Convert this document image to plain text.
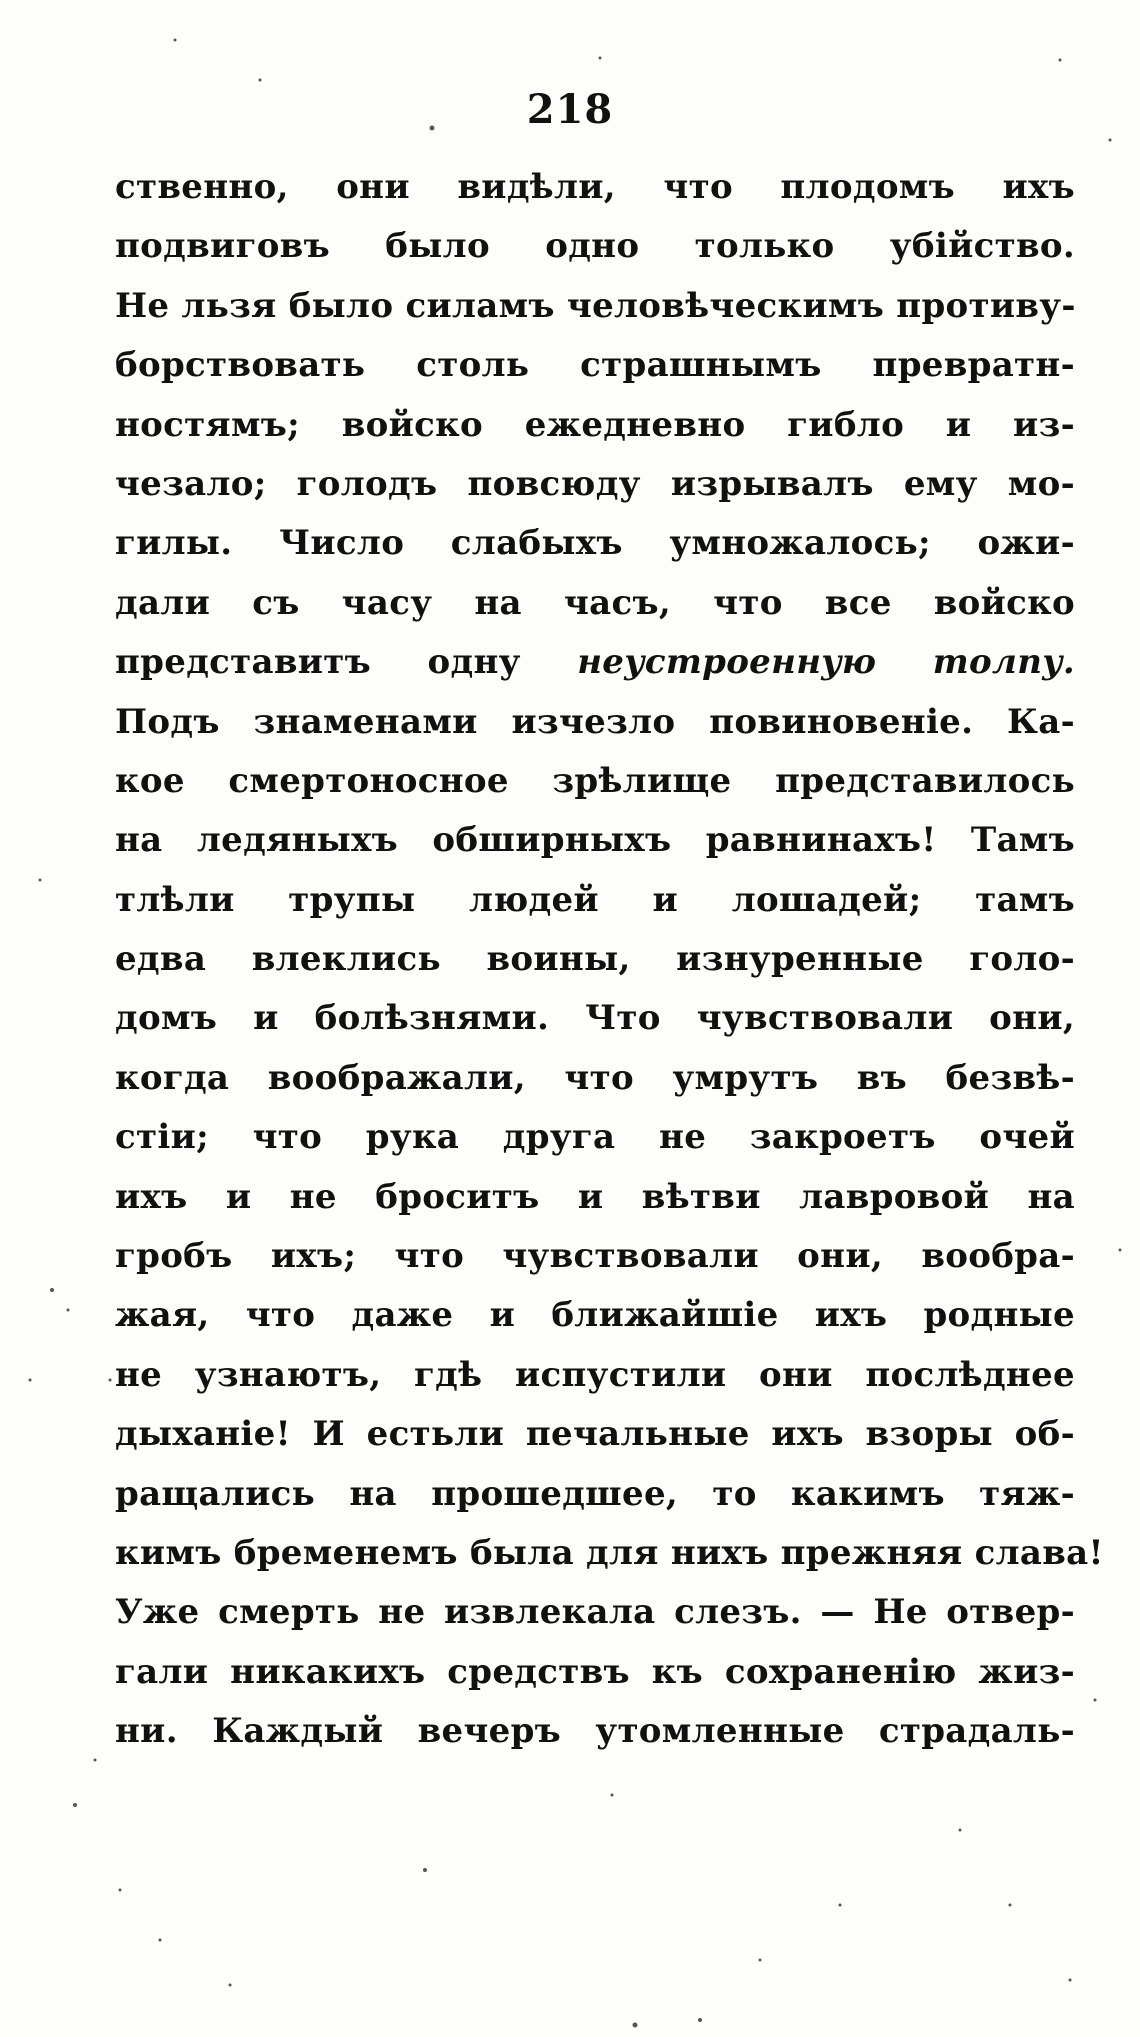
218
ственно, они видѣли, что плодомъ ихъ
подвиговъ было одно только убійство.
Не льзя было силамъ человѣческимъ противу-
борствовать столь страшнымъ превратн-
ностямъ; войско ежедневно гибло и из-
чезало; голодъ повсюду изрывалъ ему мо-
гилы. Число слабыхъ умножалось; ожи-
дали съ часу на часъ, что все войско
представитъ одну неустроенную толпу.
Подъ знаменами изчезло повиновеніе. Ка-
кое смертоносное зрѣлище представилось
на ледяныхъ обширныхъ равнинахъ! Тамъ
тлѣли трупы людей и лошадей; тамъ
едва влеклись воины, изнуренные голо-
домъ и болѣзнями. Что чувствовали они,
когда воображали, что умрутъ въ безвѣ-
стіи; что рука друга не закроетъ очей
ихъ и не броситъ и вѣтви лавровой на
гробъ ихъ; что чувствовали они, вообра-
жая, что даже и ближайшіе ихъ родные
не узнаютъ, гдѣ испустили они послѣднее
дыханіе! И естьли печальные ихъ взоры об-
ращались на прошедшее, то какимъ тяж-
кимъ бременемъ была для нихъ прежняя слава!
Уже смерть не извлекала слезъ. — Не отвер-
гали никакихъ средствъ къ сохраненію жиз-
ни. Каждый вечеръ утомленные страдаль-
